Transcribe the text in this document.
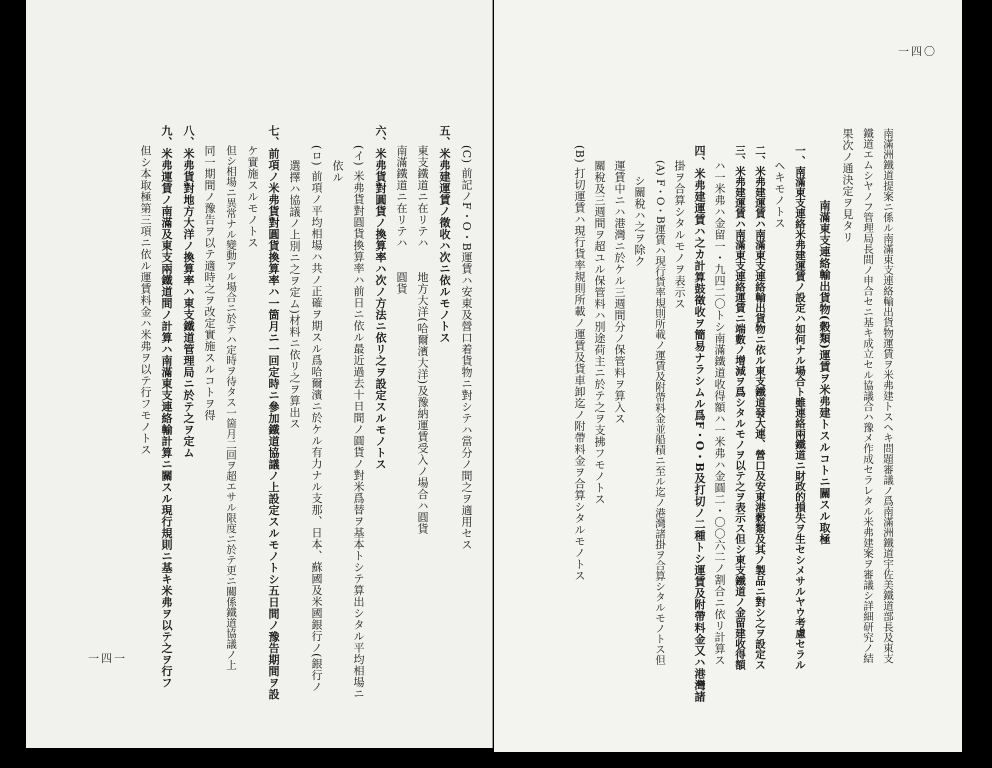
(C) 前記ノF・O・B運賃ハ安東及營口着貨物ニ對シテハ當分ノ間之ヲ適用セス
五、米弗建運賃ノ徵收ハ次ニ依ルモノトス
東支鐵道ニ在リテハ　　地方大洋(哈爾濱大洋)及豫納運賃受入ノ場合ハ圓貨
南滿鐵道ニ在リテハ　　圓貨
六、米弗貨對圓貨ノ換算率ハ次ノ方法ニ依リ之ヲ設定スルモノトス
(イ) 米弗貨對圓貨換算率ハ前日ニ依ル最近過去十日間ノ圓貨ノ對米爲替ヲ基本トシテ算出シタル平均相場ニ
依ル
(ロ) 前項ノ平均相場ハ共ノ正確ヲ期スル爲哈爾濱ニ於ケル有力ナル支那、日本、蘇國及米國銀行ノ(銀行ノ
選擇ハ協議ノ上別ニ之ヲ定ム)材料ニ依リ之ヲ算出ス
七、前項ノ米弗貨對圓貨換算率ハ一箇月ニ一回定時ニ參加鐵道協議ノ上設定スルモノトシ五日間ノ豫告期間ヲ設
ケ實施スルモノトス
但シ相場ニ異常ナル變動アル場合ニ於テハ定時ヲ待タス一箇月二回ヲ超エサル限度ニ於テ更ニ關係鐵道協議ノ上
同一期間ノ豫告ヲ以テ適時之ヲ改定實施スルコトヲ得
八、米弗貨對地方大洋ノ換算率ハ東支鐵道管理局ニ於テ之ヲ定ム
九、米弗運賃ノ南滿及東支兩鐵道間ノ計算ハ南滿東支連絡輸計算ニ關スル現行規則ニ基キ米弗ヲ以テ之ヲ行フ
但シ本取極第三項ニ依ル運賃料金ハ米弗ヲ以テ行フモノトス
一四一
一四〇
南滿洲鐵道提案ニ係ル南滿東支連絡輸出貨物運賃ヲ米弗建トスヘキ問題審議ノ爲南滿洲鐵道宇佐美鐵道部長及東支
鐵道エムシヤノフ管理局長間ノ申合セニ基キ成立セル協議合ハ豫メ作成セラレタル米弗建案ヲ審議シ詳細研究ノ結
果次ノ通決定ヲ見タリ
南滿東支連絡輸出貨物(穀類)運賃ヲ米弗建トスルコトニ關スル取極
一、南滿東支連絡米弗建運賃ノ設定ハ如何ナル場合ト雖連絡兩鐵道ニ財政的損失ヲ生セシメサルヤウ考慮セラル
ヘキモノトス
二、米弗建運賃ハ南滿東支連絡輸出貨物ニ依ル東支鐵道發大連、營口及安東港穀類及其ノ製品ニ對シ之ヲ設定ス
三、米弗建運賃ハ南滿東支連絡運賃ニ端數ノ增減ヲ爲シタルモノヲ以テ之ヲ表示ス但シ東支鐵道ノ金留建收得額
ハ一米弗ハ金留一・九四二〇トシ南滿鐵道收得額ハ一米弗ハ金圓二・〇〇六二ノ割合ニ依リ計算ス
四、米弗建運賃ハ之カ計算鼓徵收ヲ簡易ナラシムル爲F・O・B及打切ノ二種トシ運賃及附帶料金又ハ港灣諸
掛ヲ合算シタルモノヲ表示ス
(A) F・O・B運賃ハ現行貨率規則所載ノ運賃及附帶料金並船積ニ至ル迄ノ港灣諸掛ヲ合算シタルモノトス但
シ關稅ハ之ヲ除ク
運賃中ニハ港灣ニ於ケル三週間分ノ保管料ヲ算入ス
關稅及三週間ヲ超ユル保管料ハ別途荷主ニ於テ之ヲ支拂フモノトス
(B) 打切運賃ハ現行貨率規則所載ノ運賃及貨車卸迄ノ附帶料金ヲ合算シタルモノトス
